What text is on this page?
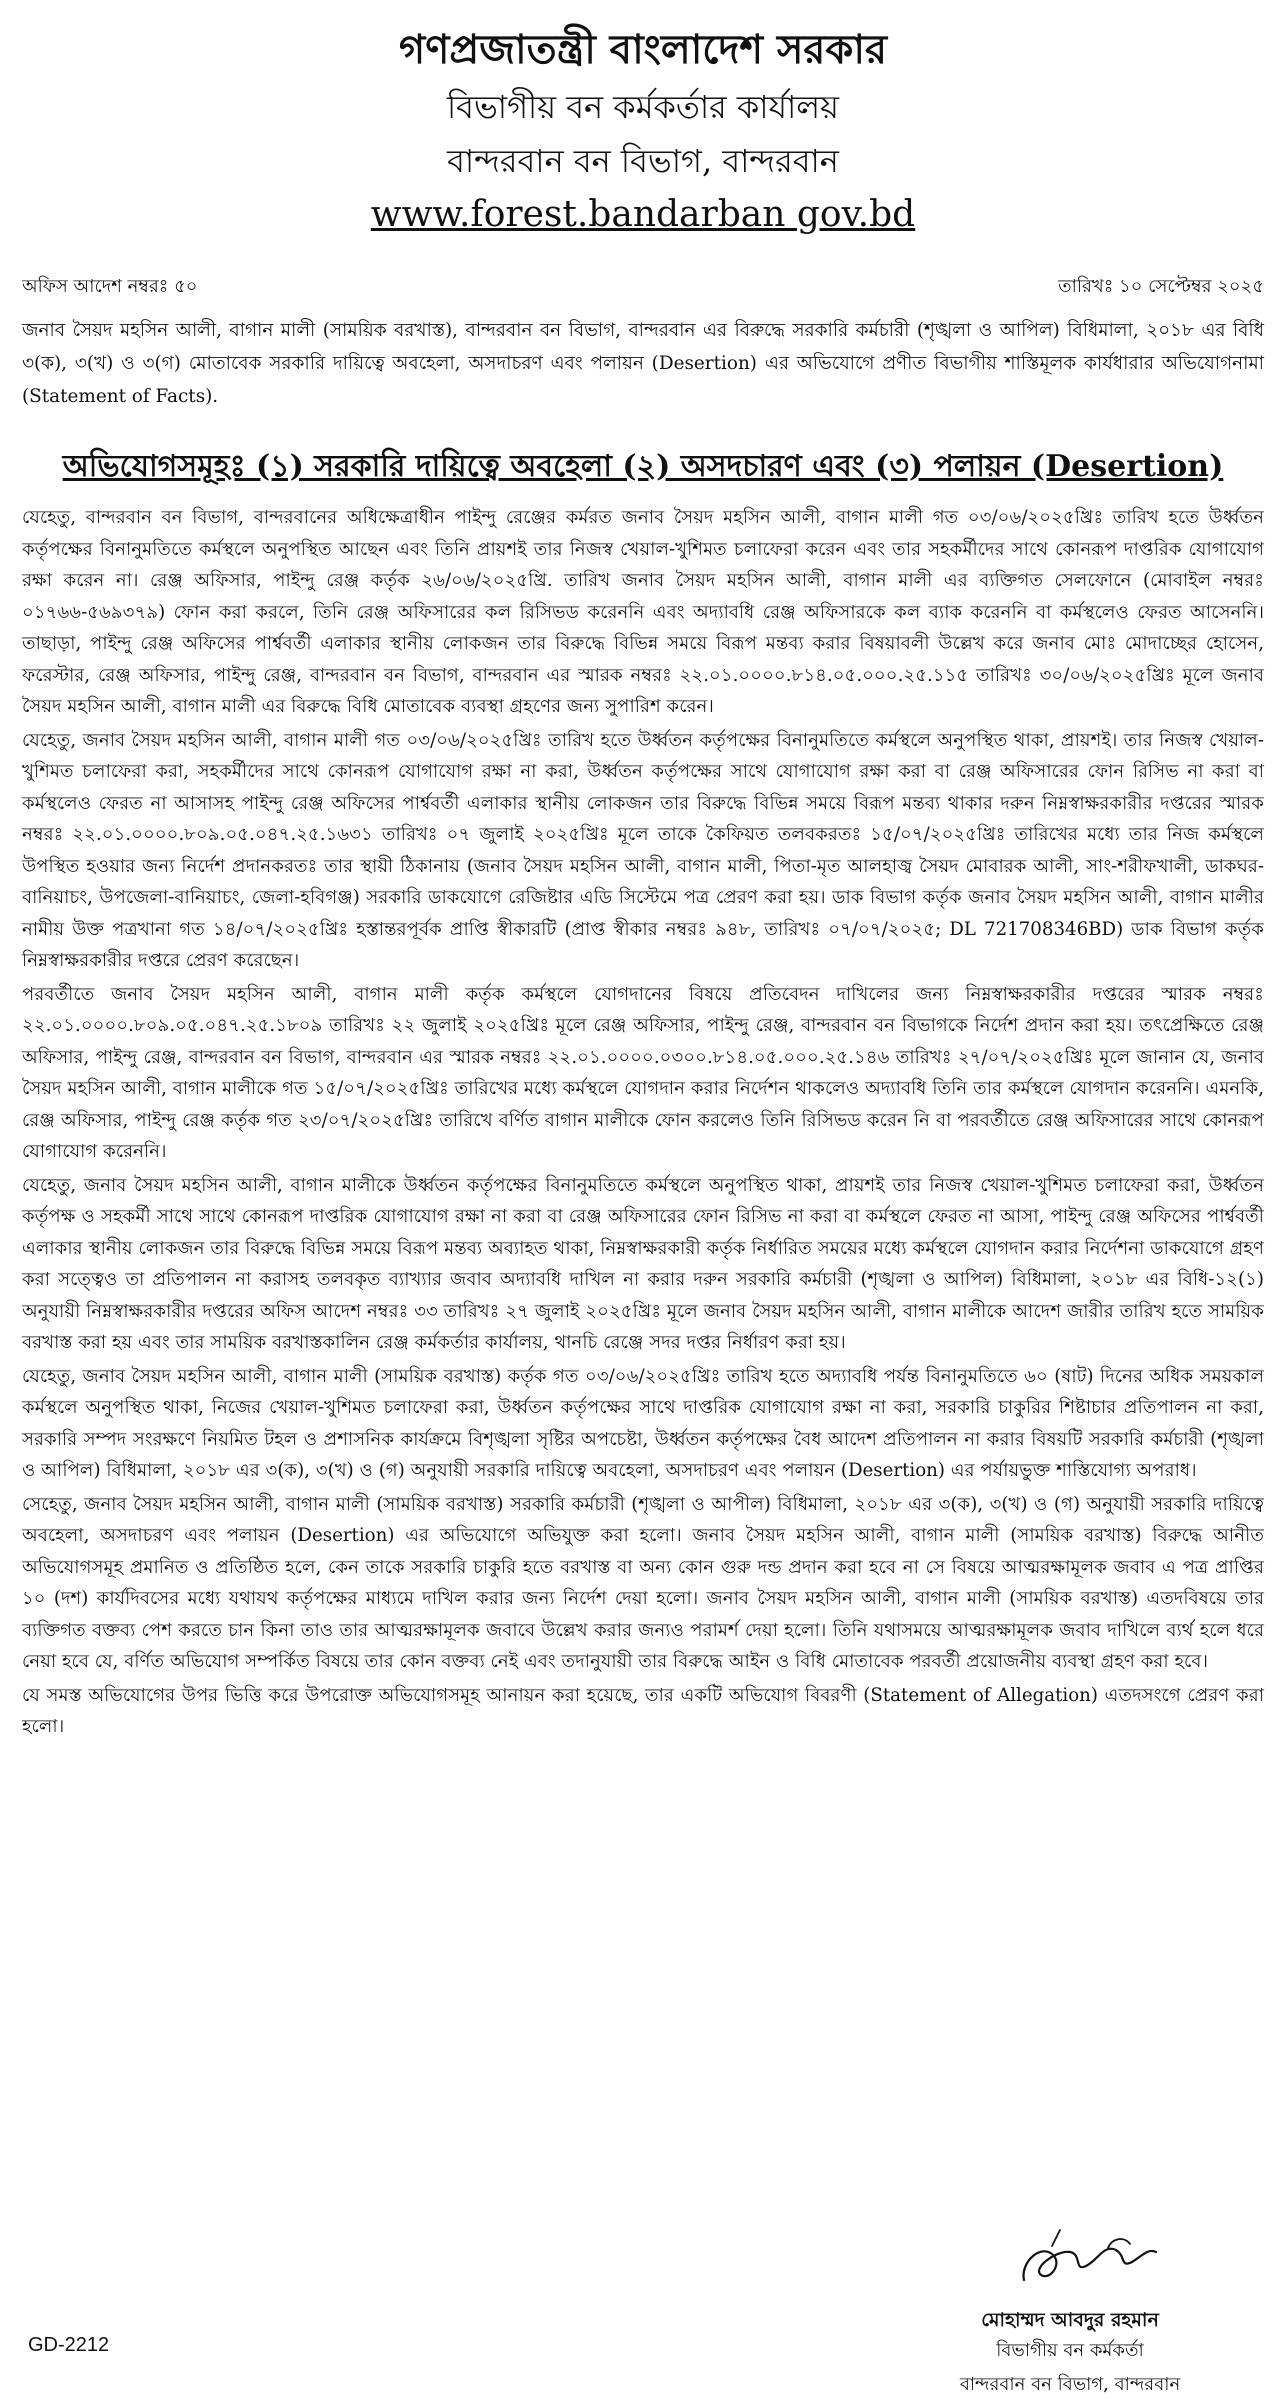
গণপ্রজাতন্ত্রী বাংলাদেশ সরকার
বিভাগীয় বন কর্মকর্তার কার্যালয়
বান্দরবান বন বিভাগ, বান্দরবান
www.forest.bandarban gov.bd
অফিস আদেশ নম্বরঃ ৫০	তারিখঃ ১০ সেপ্টেম্বর ২০২৫
জনাব সৈয়দ মহসিন আলী, বাগান মালী (সাময়িক বরখাস্ত), বান্দরবান বন বিভাগ, বান্দরবান এর বিরুদ্ধে সরকারি কর্মচারী (শৃঙ্খলা ও আপিল) বিধিমালা, ২০১৮ এর বিধি ৩(ক), ৩(খ) ও ৩(গ) মোতাবেক সরকারি দায়িত্বে অবহেলা, অসদাচরণ এবং পলায়ন (Desertion) এর অভিযোগে প্রণীত বিভাগীয় শাস্তিমূলক কার্যধারার অভিযোগনামা (Statement of Facts).
অভিযোগসমূহঃ (১) সরকারি দায়িত্বে অবহেলা (২) অসদচারণ এবং (৩) পলায়ন (Desertion)

যেহেতু, বান্দরবান বন বিভাগ, বান্দরবানের অধিক্ষেত্রাধীন পাইন্দু রেঞ্জের কর্মরত জনাব সৈয়দ মহসিন আলী, বাগান মালী গত ০৩/০৬/২০২৫খ্রিঃ তারিখ হতে উর্ধ্বতন কর্তৃপক্ষের বিনানুমতিতে কর্মস্থলে অনুপস্থিত আছেন এবং তিনি প্রায়শই তার নিজস্ব খেয়াল-খুশিমত চলাফেরা করেন এবং তার সহকর্মীদের সাথে কোনরূপ দাপ্তরিক যোগাযোগ রক্ষা করেন না। রেঞ্জ অফিসার, পাইন্দু রেঞ্জ কর্তৃক ২৬/০৬/২০২৫খ্রি. তারিখ জনাব সৈয়দ মহসিন আলী, বাগান মালী এর ব্যক্তিগত সেলফোনে (মোবাইল নম্বরঃ ০১৭৬৬-৫৬৯৩৭৯) ফোন করা করলে, তিনি রেঞ্জ অফিসারের কল রিসিভড করেননি এবং অদ্যাবধি রেঞ্জ অফিসারকে কল ব্যাক করেননি বা কর্মস্থলেও ফেরত আসেননি। তাছাড়া, পাইন্দু রেঞ্জ অফিসের পার্শ্ববর্তী এলাকার স্থানীয় লোকজন তার বিরুদ্ধে বিভিন্ন সময়ে বিরূপ মন্তব্য করার বিষয়াবলী উল্লেখ করে জনাব মোঃ মোদাচ্ছের হোসেন, ফরেস্টার, রেঞ্জ অফিসার, পাইন্দু রেঞ্জ, বান্দরবান বন বিভাগ, বান্দরবান এর স্মারক নম্বরঃ ২২.০১.০০০০.৮১৪.০৫.০০০.২৫.১১৫ তারিখঃ ৩০/০৬/২০২৫খ্রিঃ মূলে জনাব সৈয়দ মহসিন আলী, বাগান মালী এর বিরুদ্ধে বিধি মোতাবেক ব্যবস্থা গ্রহণের জন্য সুপারিশ করেন।

যেহেতু, জনাব সৈয়দ মহসিন আলী, বাগান মালী গত ০৩/০৬/২০২৫খ্রিঃ তারিখ হতে উর্ধ্বতন কর্তৃপক্ষের বিনানুমতিতে কর্মস্থলে অনুপস্থিত থাকা, প্রায়শই। তার নিজস্ব খেয়াল-খুশিমত চলাফেরা করা, সহকর্মীদের সাথে কোনরূপ যোগাযোগ রক্ষা না করা, উর্ধ্বতন কর্তৃপক্ষের সাথে যোগাযোগ রক্ষা করা বা রেঞ্জ অফিসারের ফোন রিসিভ না করা বা কর্মস্থলেও ফেরত না আসাসহ পাইন্দু রেঞ্জ অফিসের পার্শ্ববর্তী এলাকার স্থানীয় লোকজন তার বিরুদ্ধে বিভিন্ন সময়ে বিরূপ মন্তব্য থাকার দরুন নিম্নস্বাক্ষরকারীর দপ্তরের স্মারক নম্বরঃ ২২.০১.০০০০.৮০৯.০৫.০৪৭.২৫.১৬৩১ তারিখঃ ০৭ জুলাই ২০২৫খ্রিঃ মূলে তাকে কৈফিয়ত তলবকরতঃ ১৫/০৭/২০২৫খ্রিঃ তারিখের মধ্যে তার নিজ কর্মস্থলে উপস্থিত হওয়ার জন্য নির্দেশ প্রদানকরতঃ তার স্থায়ী ঠিকানায় (জনাব সৈয়দ মহসিন আলী, বাগান মালী, পিতা-মৃত আলহাজ্ব সৈয়দ মোবারক আলী, সাং-শরীফখালী, ডাকঘর-বানিয়াচং, উপজেলা-বানিয়াচং, জেলা-হবিগঞ্জ) সরকারি ডাকযোগে রেজিষ্টার এডি সিস্টেমে পত্র প্রেরণ করা হয়। ডাক বিভাগ কর্তৃক জনাব সৈয়দ মহসিন আলী, বাগান মালীর নামীয় উক্ত পত্রখানা গত ১৪/০৭/২০২৫খ্রিঃ হস্তান্তরপূর্বক প্রাপ্তি স্বীকারটি (প্রাপ্ত স্বীকার নম্বরঃ ৯৪৮, তারিখঃ ০৭/০৭/২০২৫; DL 721708346BD) ডাক বিভাগ কর্তৃক নিম্নস্বাক্ষরকারীর দপ্তরে প্রেরণ করেছেন।

পরবর্তীতে জনাব সৈয়দ মহসিন আলী, বাগান মালী কর্তৃক কর্মস্থলে যোগদানের বিষয়ে প্রতিবেদন দাখিলের জন্য নিম্নস্বাক্ষরকারীর দপ্তরের স্মারক নম্বরঃ ২২.০১.০০০০.৮০৯.০৫.০৪৭.২৫.১৮০৯ তারিখঃ ২২ জুলাই ২০২৫খ্রিঃ মূলে রেঞ্জ অফিসার, পাইন্দু রেঞ্জ, বান্দরবান বন বিভাগকে নির্দেশ প্রদান করা হয়। তৎপ্রেক্ষিতে রেঞ্জ অফিসার, পাইন্দু রেঞ্জ, বান্দরবান বন বিভাগ, বান্দরবান এর স্মারক নম্বরঃ ২২.০১.০০০০.০৩০০.৮১৪.০৫.০০০.২৫.১৪৬ তারিখঃ ২৭/০৭/২০২৫খ্রিঃ মূলে জানান যে, জনাব সৈয়দ মহসিন আলী, বাগান মালীকে গত ১৫/০৭/২০২৫খ্রিঃ তারিখের মধ্যে কর্মস্থলে যোগদান করার নির্দেশন থাকলেও অদ্যাবধি তিনি তার কর্মস্থলে যোগদান করেননি। এমনকি, রেঞ্জ অফিসার, পাইন্দু রেঞ্জ কর্তৃক গত ২৩/০৭/২০২৫খ্রিঃ তারিখে বর্ণিত বাগান মালীকে ফোন করলেও তিনি রিসিভড করেন নি বা পরবর্তীতে রেঞ্জ অফিসারের সাথে কোনরূপ যোগাযোগ করেননি।

যেহেতু, জনাব সৈয়দ মহসিন আলী, বাগান মালীকে উর্ধ্বতন কর্তৃপক্ষের বিনানুমতিতে কর্মস্থলে অনুপস্থিত থাকা, প্রায়শই তার নিজস্ব খেয়াল-খুশিমত চলাফেরা করা, উর্ধ্বতন কর্তৃপক্ষ ও সহকর্মী সাথে সাথে কোনরূপ দাপ্তরিক যোগাযোগ রক্ষা না করা বা রেঞ্জ অফিসারের ফোন রিসিভ না করা বা কর্মস্থলে ফেরত না আসা, পাইন্দু রেঞ্জ অফিসের পার্শ্ববর্তী এলাকার স্থানীয় লোকজন তার বিরুদ্ধে বিভিন্ন সময়ে বিরূপ মন্তব্য অব্যাহত থাকা, নিম্নস্বাক্ষরকারী কর্তৃক নির্ধারিত সময়ের মধ্যে কর্মস্থলে যোগদান করার নির্দেশনা ডাকযোগে গ্রহণ করা সত্ত্বেও তা প্রতিপালন না করাসহ তলবকৃত ব্যাখ্যার জবাব অদ্যাবধি দাখিল না করার দরুন সরকারি কর্মচারী (শৃঙ্খলা ও আপিল) বিধিমালা, ২০১৮ এর বিধি-১২(১) অনুযায়ী নিম্নস্বাক্ষরকারীর দপ্তরের অফিস আদেশ নম্বরঃ ৩৩ তারিখঃ ২৭ জুলাই ২০২৫খ্রিঃ মূলে জনাব সৈয়দ মহসিন আলী, বাগান মালীকে আদেশ জারীর তারিখ হতে সাময়িক বরখাস্ত করা হয় এবং তার সাময়িক বরখাস্তকালিন রেঞ্জ কর্মকর্তার কার্যালয়, থানচি রেঞ্জে সদর দপ্তর নির্ধারণ করা হয়।

যেহেতু, জনাব সৈয়দ মহসিন আলী, বাগান মালী (সাময়িক বরখাস্ত) কর্তৃক গত ০৩/০৬/২০২৫খ্রিঃ তারিখ হতে অদ্যাবধি পর্যন্ত বিনানুমতিতে ৬০ (ষাট) দিনের অধিক সময়কাল কর্মস্থলে অনুপস্থিত থাকা, নিজের খেয়াল-খুশিমত চলাফেরা করা, উর্ধ্বতন কর্তৃপক্ষের সাথে দাপ্তরিক যোগাযোগ রক্ষা না করা, সরকারি চাকুরির শিষ্টাচার প্রতিপালন না করা, সরকারি সম্পদ সংরক্ষণে নিয়মিত টহল ও প্রশাসনিক কার্যক্রমে বিশৃঙ্খলা সৃষ্টির অপচেষ্টা, উর্ধ্বতন কর্তৃপক্ষের বৈধ আদেশ প্রতিপালন না করার বিষয়টি সরকারি কর্মচারী (শৃঙ্খলা ও আপিল) বিধিমালা, ২০১৮ এর ৩(ক), ৩(খ) ও (গ) অনুযায়ী সরকারি দায়িত্বে অবহেলা, অসদাচরণ এবং পলায়ন (Desertion) এর পর্যায়ভুক্ত শাস্তিযোগ্য অপরাধ।

সেহেতু, জনাব সৈয়দ মহসিন আলী, বাগান মালী (সাময়িক বরখাস্ত) সরকারি কর্মচারী (শৃঙ্খলা ও আপীল) বিধিমালা, ২০১৮ এর ৩(ক), ৩(খ) ও (গ) অনুযায়ী সরকারি দায়িত্বে অবহেলা, অসদাচরণ এবং পলায়ন (Desertion) এর অভিযোগে অভিযুক্ত করা হলো। জনাব সৈয়দ মহসিন আলী, বাগান মালী (সাময়িক বরখাস্ত) বিরুদ্ধে আনীত অভিযোগসমূহ প্রমানিত ও প্রতিষ্ঠিত হলে, কেন তাকে সরকারি চাকুরি হতে বরখাস্ত বা অন্য কোন গুরু দন্ড প্রদান করা হবে না সে বিষয়ে আত্মরক্ষামূলক জবাব এ পত্র প্রাপ্তির ১০ (দশ) কার্যদিবসের মধ্যে যথাযথ কর্তৃপক্ষের মাধ্যমে দাখিল করার জন্য নির্দেশ দেয়া হলো। জনাব সৈয়দ মহসিন আলী, বাগান মালী (সাময়িক বরখাস্ত) এতদবিষয়ে তার ব্যক্তিগত বক্তব্য পেশ করতে চান কিনা তাও তার আত্মরক্ষামূলক জবাবে উল্লেখ করার জন্যও পরামর্শ দেয়া হলো। তিনি যথাসময়ে আত্মরক্ষামূলক জবাব দাখিলে ব্যর্থ হলে ধরে নেয়া হবে যে, বর্ণিত অভিযোগ সম্পর্কিত বিষয়ে তার কোন বক্তব্য নেই এবং তদানুযায়ী তার বিরুদ্ধে আইন ও বিধি মোতাবেক পরবর্তী প্রয়োজনীয় ব্যবস্থা গ্রহণ করা হবে।

যে সমস্ত অভিযোগের উপর ভিত্তি করে উপরোক্ত অভিযোগসমূহ আনায়ন করা হয়েছে, তার একটি অভিযোগ বিবরণী (Statement of Allegation) এতদসংগে প্রেরণ করা হলো।

মোহাম্মদ আবদুর রহমান
বিভাগীয় বন কর্মকর্তা
বান্দরবান বন বিভাগ, বান্দরবান
GD-2212
